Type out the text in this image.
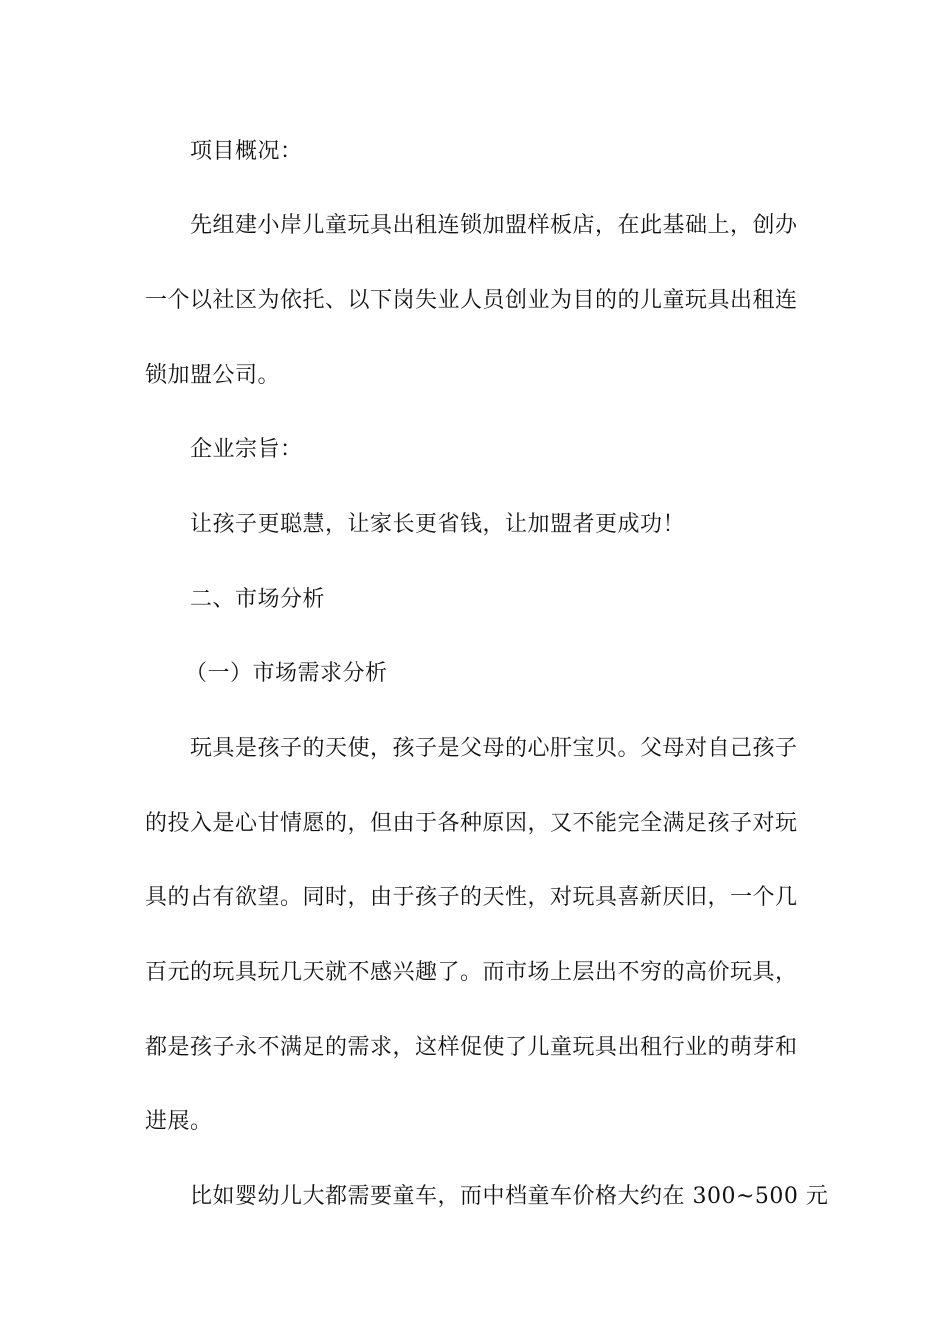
项目概况：
先组建小岸儿童玩具出租连锁加盟样板店，在此基础上，创办
一个以社区为依托、以下岗失业人员创业为目的的儿童玩具出租连
锁加盟公司。
企业宗旨：
让孩子更聪慧，让家长更省钱，让加盟者更成功！
二、市场分析
（一）市场需求分析
玩具是孩子的天使，孩子是父母的心肝宝贝。父母对自己孩子
的投入是心甘情愿的，但由于各种原因，又不能完全满足孩子对玩
具的占有欲望。同时，由于孩子的天性，对玩具喜新厌旧，一个几
百元的玩具玩几天就不感兴趣了。而市场上层出不穷的高价玩具，
都是孩子永不满足的需求，这样促使了儿童玩具出租行业的萌芽和
进展。
比如婴幼儿大都需要童车，而中档童车价格大约在 300~500 元
